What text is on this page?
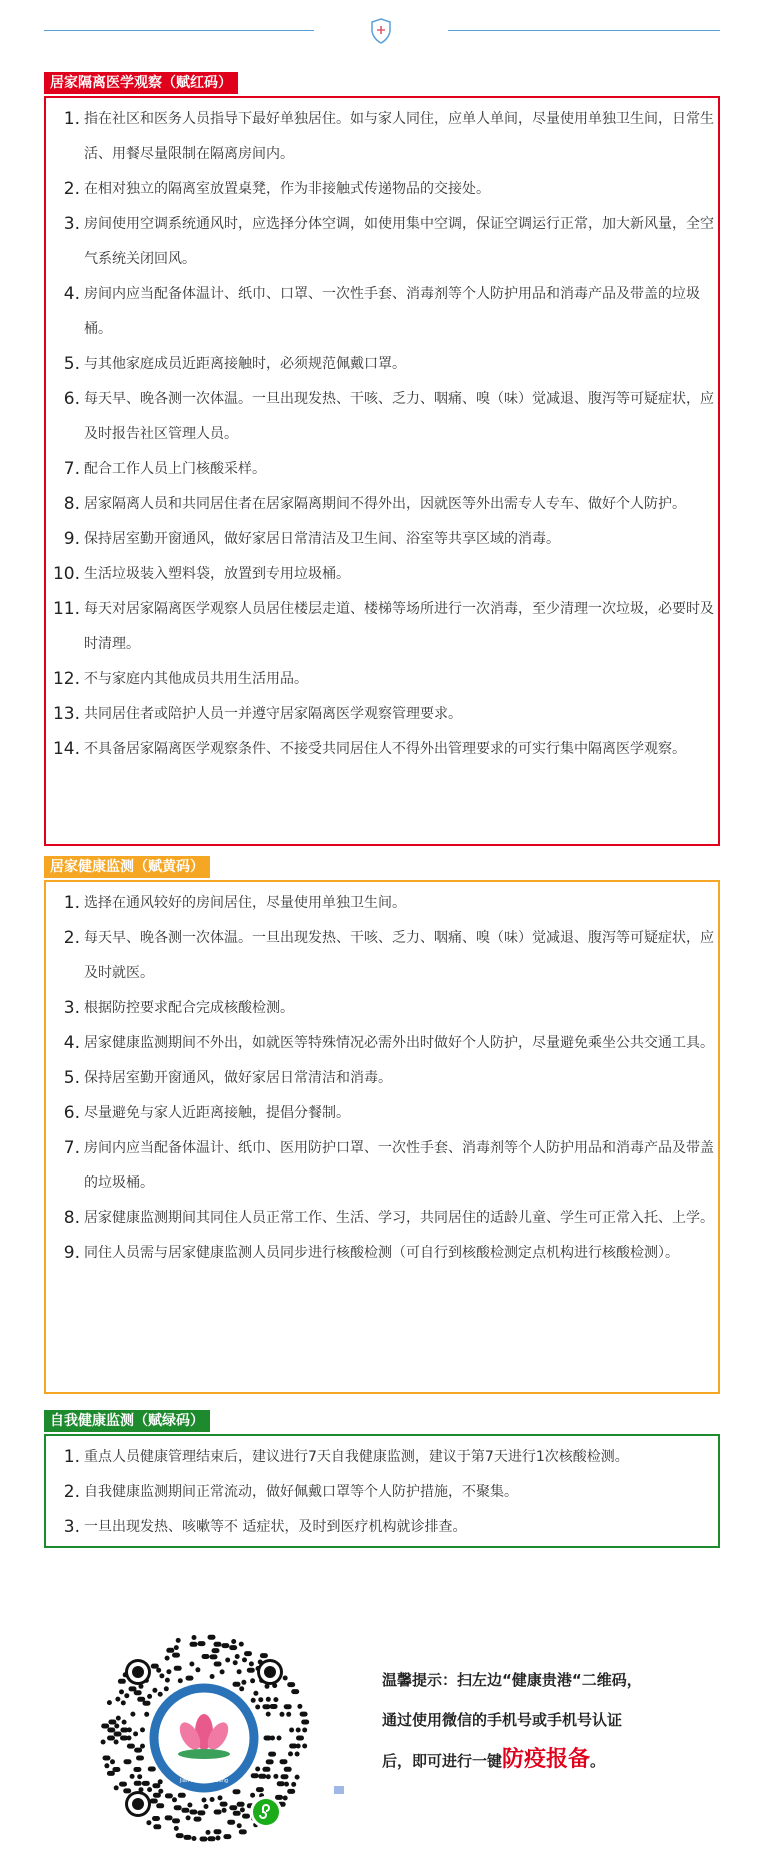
居家隔离医学观察（赋红码）
1. 指在社区和医务人员指导下最好单独居住。如与家人同住，应单人单间，尽量使用单独卫生间，日常生活、用餐尽量限制在隔离房间内。
2. 在相对独立的隔离室放置桌凳，作为非接触式传递物品的交接处。
3. 房间使用空调系统通风时，应选择分体空调，如使用集中空调，保证空调运行正常，加大新风量，全空气系统关闭回风。
4. 房间内应当配备体温计、纸巾、口罩、一次性手套、消毒剂等个人防护用品和消毒产品及带盖的垃圾桶。
5. 与其他家庭成员近距离接触时，必须规范佩戴口罩。
6. 每天早、晚各测一次体温。一旦出现发热、干咳、乏力、咽痛、嗅（味）觉减退、腹泻等可疑症状，应及时报告社区管理人员。
7. 配合工作人员上门核酸采样。
8. 居家隔离人员和共同居住者在居家隔离期间不得外出，因就医等外出需专人专车、做好个人防护。
9. 保持居室勤开窗通风，做好家居日常清洁及卫生间、浴室等共享区域的消毒。
10. 生活垃圾装入塑料袋，放置到专用垃圾桶。
11. 每天对居家隔离医学观察人员居住楼层走道、楼梯等场所进行一次消毒，至少清理一次垃圾，必要时及时清理。
12. 不与家庭内其他成员共用生活用品。
13. 共同居住者或陪护人员一并遵守居家隔离医学观察管理要求。
14. 不具备居家隔离医学观察条件、不接受共同居住人不得外出管理要求的可实行集中隔离医学观察。
居家健康监测（赋黄码）
1. 选择在通风较好的房间居住，尽量使用单独卫生间。
2. 每天早、晚各测一次体温。一旦出现发热、干咳、乏力、咽痛、嗅（味）觉减退、腹泻等可疑症状，应及时就医。
3. 根据防控要求配合完成核酸检测。
4. 居家健康监测期间不外出，如就医等特殊情况必需外出时做好个人防护，尽量避免乘坐公共交通工具。
5. 保持居室勤开窗通风，做好家居日常清洁和消毒。
6. 尽量避免与家人近距离接触，提倡分餐制。
7. 房间内应当配备体温计、纸巾、医用防护口罩、一次性手套、消毒剂等个人防护用品和消毒产品及带盖的垃圾桶。
8. 居家健康监测期间其同住人员正常工作、生活、学习，共同居住的适龄儿童、学生可正常入托、上学。
9. 同住人员需与居家健康监测人员同步进行核酸检测（可自行到核酸检测定点机构进行核酸检测）。
自我健康监测（赋绿码）
1. 重点人员健康管理结束后，建议进行7天自我健康监测，建议于第7天进行1次核酸检测。
2. 自我健康监测期间正常流动，做好佩戴口罩等个人防护措施，不聚集。
3. 一旦出现发热、咳嗽等不 适症状，及时到医疗机构就诊排查。
健康贵港
Jian Kang Gui Gang
温馨提示：扫左边“健康贵港“二维码，
通过使用微信的手机号或手机号认证
后，即可进行一键防疫报备。
